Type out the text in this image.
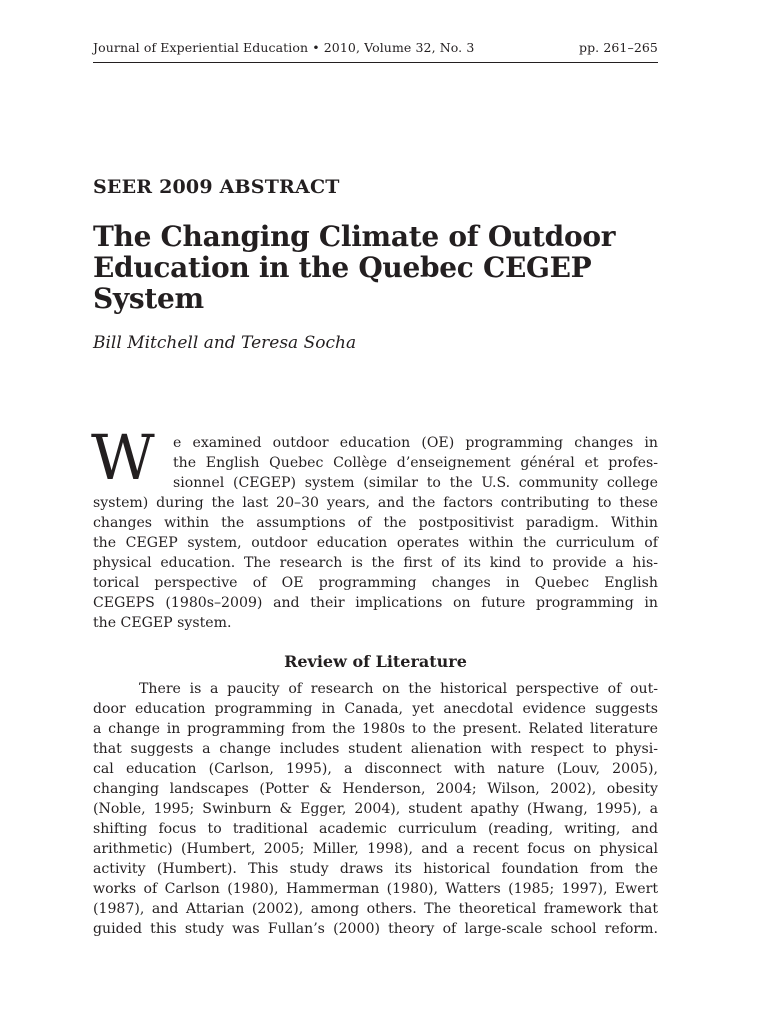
Journal of Experiential Education • 2010, Volume 32, No. 3	pp. 261–265
SEER 2009 ABSTRACT
The Changing Climate of Outdoor
Education in the Quebec CEGEP
System
Bill Mitchell and Teresa Socha
W e examined outdoor education (OE) programming changes in
the English Quebec Collège d’enseignement général et profes-
sionnel (CEGEP) system (similar to the U.S. community college
system) during the last 20–30 years, and the factors contributing to these
changes within the assumptions of the postpositivist paradigm. Within
the CEGEP system, outdoor education operates within the curriculum of
physical education. The research is the first of its kind to provide a his-
torical perspective of OE programming changes in Quebec English
CEGEPS (1980s–2009) and their implications on future programming in
the CEGEP system.
Review of Literature
There is a paucity of research on the historical perspective of out-
door education programming in Canada, yet anecdotal evidence suggests
a change in programming from the 1980s to the present. Related literature
that suggests a change includes student alienation with respect to physi-
cal education (Carlson, 1995), a disconnect with nature (Louv, 2005),
changing landscapes (Potter & Henderson, 2004; Wilson, 2002), obesity
(Noble, 1995; Swinburn & Egger, 2004), student apathy (Hwang, 1995), a
shifting focus to traditional academic curriculum (reading, writing, and
arithmetic) (Humbert, 2005; Miller, 1998), and a recent focus on physical
activity (Humbert). This study draws its historical foundation from the
works of Carlson (1980), Hammerman (1980), Watters (1985; 1997), Ewert
(1987), and Attarian (2002), among others. The theoretical framework that
guided this study was Fullan’s (2000) theory of large-scale school reform.
